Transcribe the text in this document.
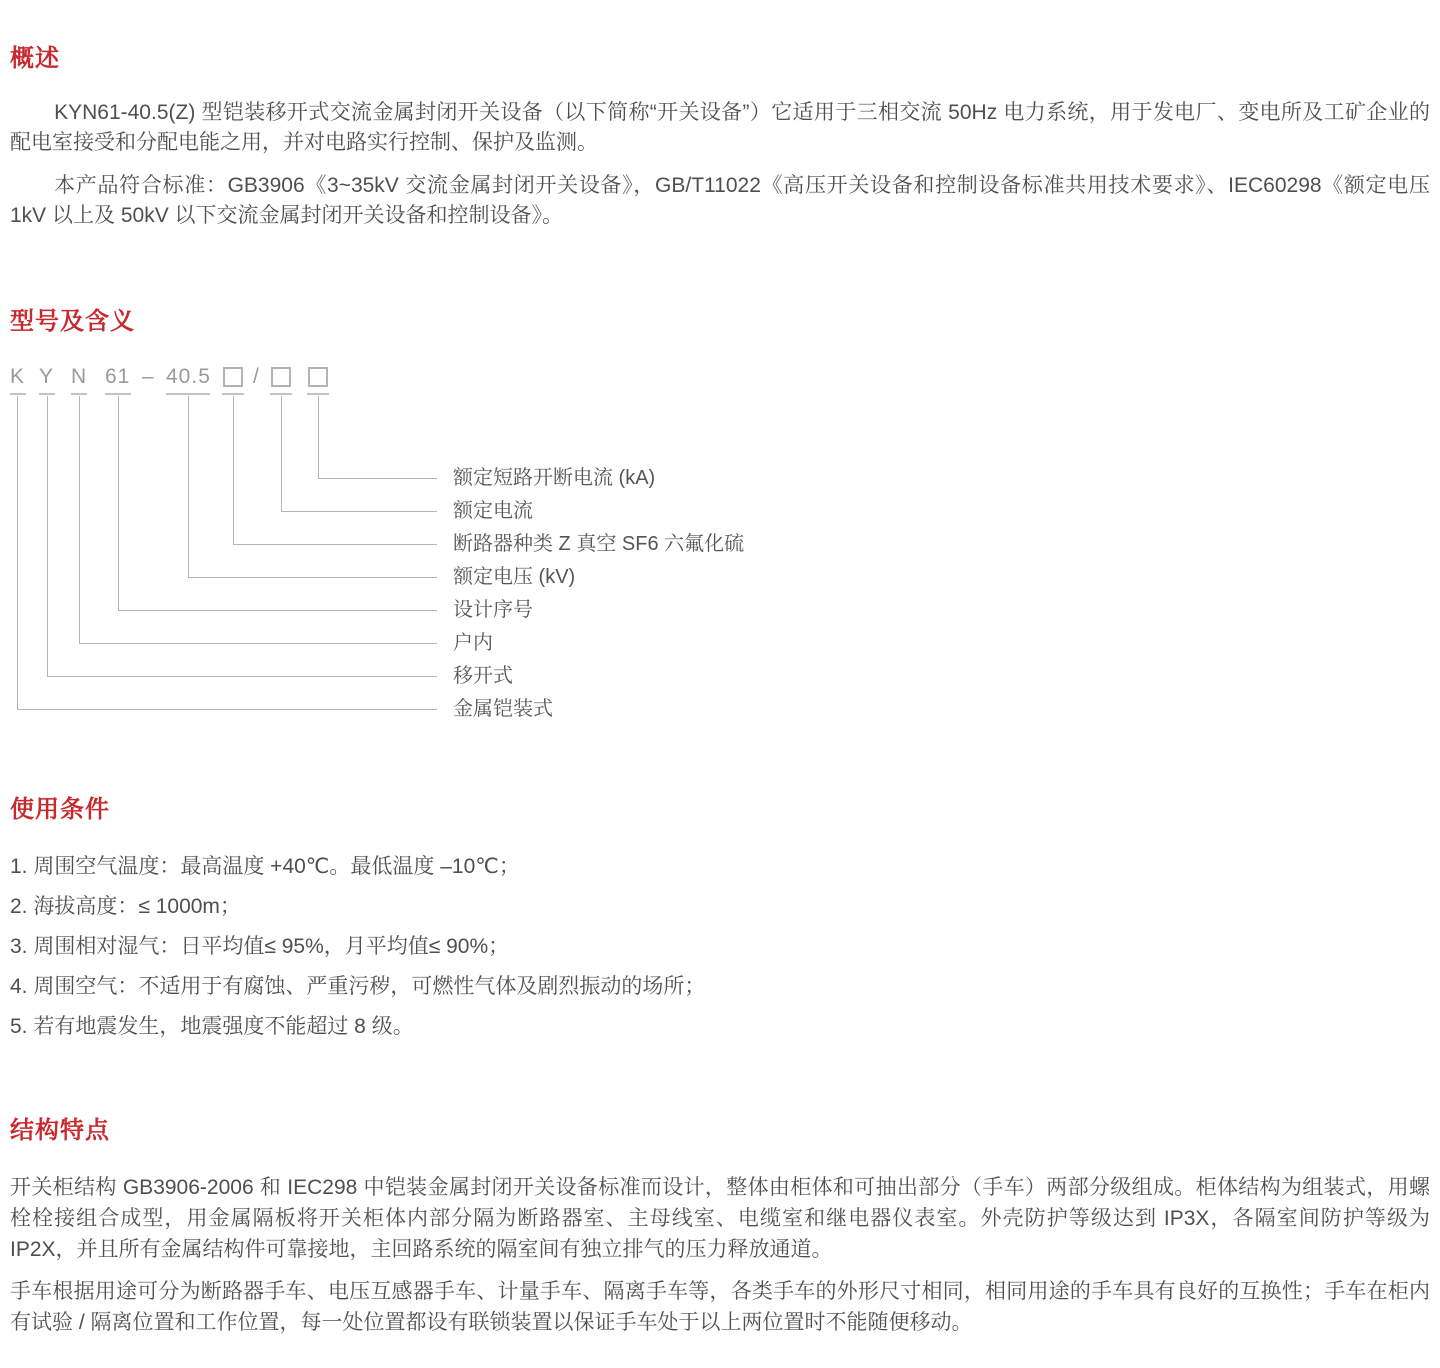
概述

KYN61-40.5(Z) 型铠装移开式交流金属封闭开关设备（以下简称“开关设备”）它适用于三相交流 50Hz 电力系统，用于发电厂、变电所及工矿企业的配电室接受和分配电能之用，并对电路实行控制、保护及监测。

本产品符合标准：GB3906《3~35kV 交流金属封闭开关设备》，GB/T11022《高压开关设备和控制设备标准共用技术要求》、IEC60298《额定电压 1kV 以上及 50kV 以下交流金属封闭开关设备和控制设备》。

型号及含义
K Y N 61 – 40.5 /
额定短路开断电流 (kA)
额定电流
断路器种类 Z 真空 SF6 六氟化硫
额定电压 (kV)
设计序号
户内
移开式
金属铠装式
使用条件
1. 周围空气温度：最高温度 +40℃。最低温度 –10℃；
2. 海拔高度：≤ 1000m；
3. 周围相对湿气：日平均值≤ 95%，月平均值≤ 90%；
4. 周围空气：不适用于有腐蚀、严重污秽，可燃性气体及剧烈振动的场所；
5. 若有地震发生，地震强度不能超过 8 级。
结构特点

开关柜结构 GB3906-2006 和 IEC298 中铠装金属封闭开关设备标准而设计，整体由柜体和可抽出部分（手车）两部分级组成。柜体结构为组装式，用螺栓栓接组合成型，用金属隔板将开关柜体内部分隔为断路器室、主母线室、电缆室和继电器仪表室。外壳防护等级达到 IP3X，各隔室间防护等级为 IP2X，并且所有金属结构件可靠接地，主回路系统的隔室间有独立排气的压力释放通道。

手车根据用途可分为断路器手车、电压互感器手车、计量手车、隔离手车等，各类手车的外形尺寸相同，相同用途的手车具有良好的互换性；手车在柜内有试验 / 隔离位置和工作位置，每一处位置都设有联锁装置以保证手车处于以上两位置时不能随便移动。
